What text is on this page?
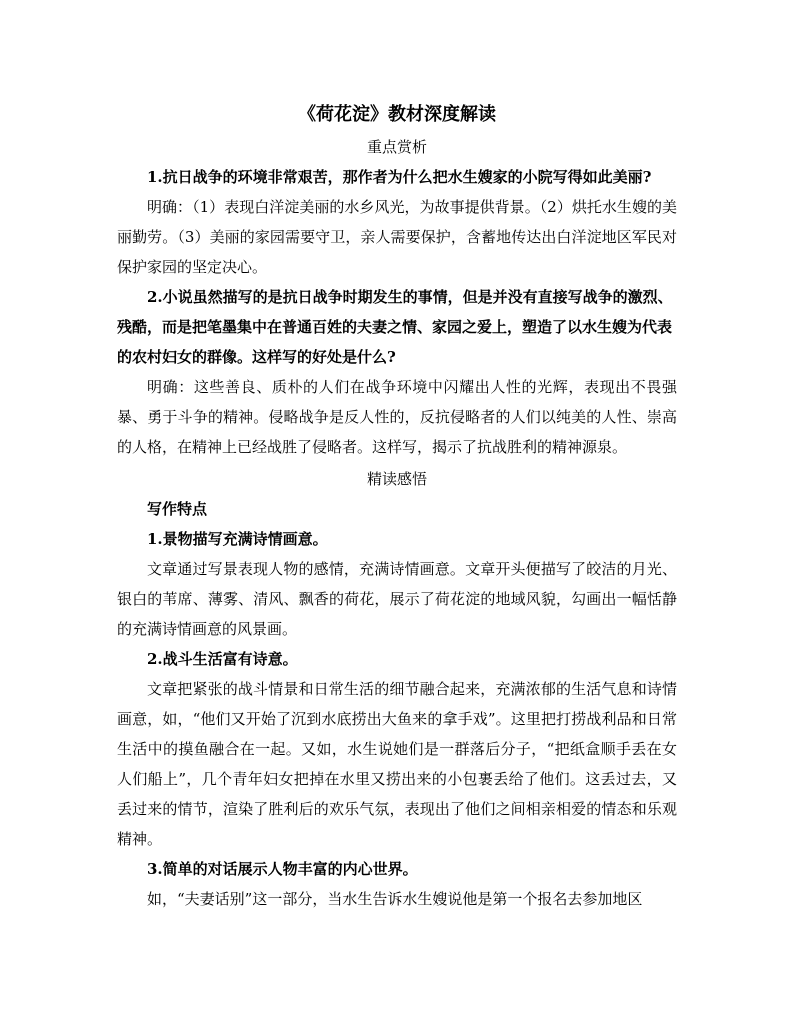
《荷花淀》教材深度解读

重点赏析

1.抗日战争的环境非常艰苦，那作者为什么把水生嫂家的小院写得如此美丽?

明确：（1）表现白洋淀美丽的水乡风光，为故事提供背景。（2）烘托水生嫂的美丽勤劳。（3）美丽的家园需要守卫，亲人需要保护，含蓄地传达出白洋淀地区军民对保护家园的坚定决心。

2.小说虽然描写的是抗日战争时期发生的事情，但是并没有直接写战争的激烈、残酷，而是把笔墨集中在普通百姓的夫妻之情、家园之爱上，塑造了以水生嫂为代表的农村妇女的群像。这样写的好处是什么?

明确：这些善良、质朴的人们在战争环境中闪耀出人性的光辉，表现出不畏强暴、勇于斗争的精神。侵略战争是反人性的，反抗侵略者的人们以纯美的人性、崇高的人格，在精神上已经战胜了侵略者。这样写，揭示了抗战胜利的精神源泉。

精读感悟

写作特点

1.景物描写充满诗情画意。

文章通过写景表现人物的感情，充满诗情画意。文章开头便描写了皎洁的月光、银白的苇席、薄雾、清风、飘香的荷花，展示了荷花淀的地域风貌，勾画出一幅恬静的充满诗情画意的风景画。

2.战斗生活富有诗意。

文章把紧张的战斗情景和日常生活的细节融合起来，充满浓郁的生活气息和诗情画意，如，“他们又开始了沉到水底捞出大鱼来的拿手戏”。这里把打捞战利品和日常生活中的摸鱼融合在一起。又如，水生说她们是一群落后分子，“把纸盒顺手丢在女人们船上”，几个青年妇女把掉在水里又捞出来的小包裹丢给了他们。这丢过去，又丢过来的情节，渲染了胜利后的欢乐气氛，表现出了他们之间相亲相爱的情态和乐观精神。

3.简单的对话展示人物丰富的内心世界。

如，“夫妻话别”这一部分，当水生告诉水生嫂说他是第一个报名去参加地区
